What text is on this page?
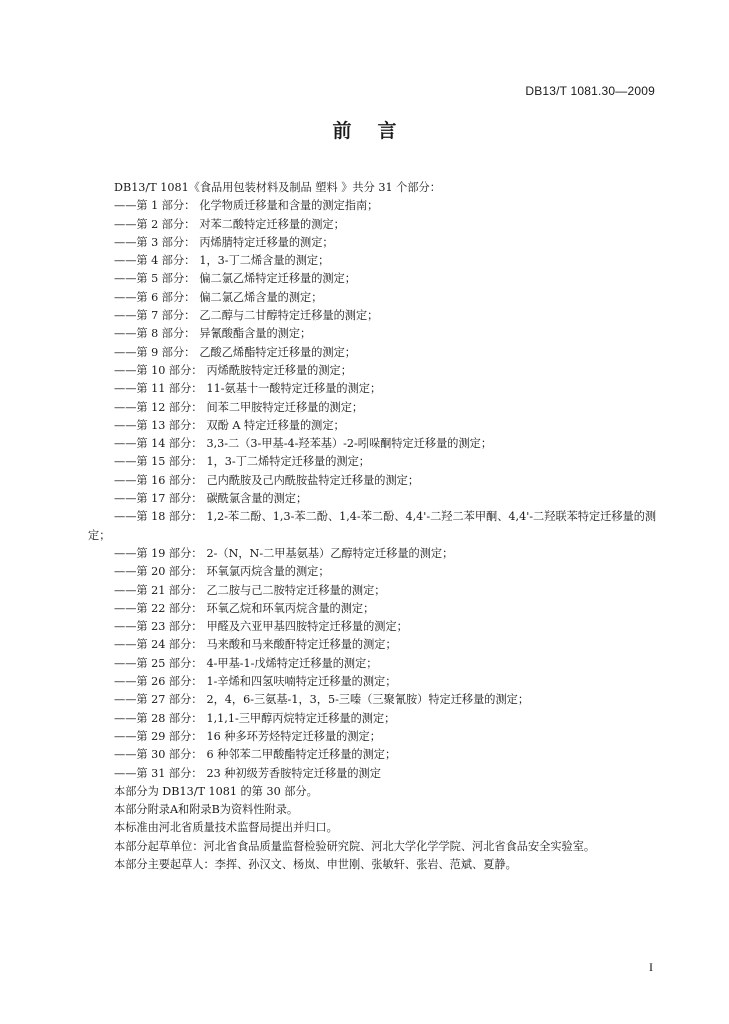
DB13/T 1081.30—2009
前言

DB13/T 1081《食品用包装材料及制品 塑料 》共分 31 个部分：

——第 1 部分： 化学物质迁移量和含量的测定指南；

——第 2 部分： 对苯二酸特定迁移量的测定；

——第 3 部分： 丙烯腈特定迁移量的测定；

——第 4 部分： 1，3-丁二烯含量的测定；

——第 5 部分： 偏二氯乙烯特定迁移量的测定；

——第 6 部分： 偏二氯乙烯含量的测定；

——第 7 部分： 乙二醇与二甘醇特定迁移量的测定；

——第 8 部分： 异氰酸酯含量的测定；

——第 9 部分： 乙酸乙烯酯特定迁移量的测定；

——第 10 部分： 丙烯酰胺特定迁移量的测定；

——第 11 部分： 11-氨基十一酸特定迁移量的测定；

——第 12 部分： 间苯二甲胺特定迁移量的测定；

——第 13 部分： 双酚 A 特定迁移量的测定；

——第 14 部分： 3,3-二（3-甲基-4-羟苯基）-2-吲哚酮特定迁移量的测定；

——第 15 部分： 1，3-丁二烯特定迁移量的测定；

——第 16 部分： 己内酰胺及己内酰胺盐特定迁移量的测定；

——第 17 部分： 碳酰氯含量的测定；

——第 18 部分： 1,2-苯二酚、1,3-苯二酚、1,4-苯二酚、4,4'-二羟二苯甲酮、4,4'-二羟联苯特定迁移量的测定；

——第 19 部分： 2-（N，N-二甲基氨基）乙醇特定迁移量的测定；

——第 20 部分： 环氧氯丙烷含量的测定；

——第 21 部分： 乙二胺与己二胺特定迁移量的测定；

——第 22 部分： 环氧乙烷和环氧丙烷含量的测定；

——第 23 部分： 甲醛及六亚甲基四胺特定迁移量的测定；

——第 24 部分： 马来酸和马来酸酐特定迁移量的测定；

——第 25 部分： 4-甲基-1-戊烯特定迁移量的测定；

——第 26 部分： 1-辛烯和四氢呋喃特定迁移量的测定；

——第 27 部分： 2，4，6-三氨基-1，3，5-三嗪（三聚氰胺）特定迁移量的测定；

——第 28 部分： 1,1,1-三甲醇丙烷特定迁移量的测定；

——第 29 部分： 16 种多环芳烃特定迁移量的测定；

——第 30 部分： 6 种邻苯二甲酸酯特定迁移量的测定；

——第 31 部分： 23 种初级芳香胺特定迁移量的测定

本部分为 DB13/T 1081 的第 30 部分。

本部分附录A和附录B为资料性附录。

本标准由河北省质量技术监督局提出并归口。

本部分起草单位：河北省食品质量监督检验研究院、河北大学化学学院、河北省食品安全实验室。

本部分主要起草人：李挥、孙汉文、杨岚、申世刚、张敏轩、张岩、范斌、夏静。

I
